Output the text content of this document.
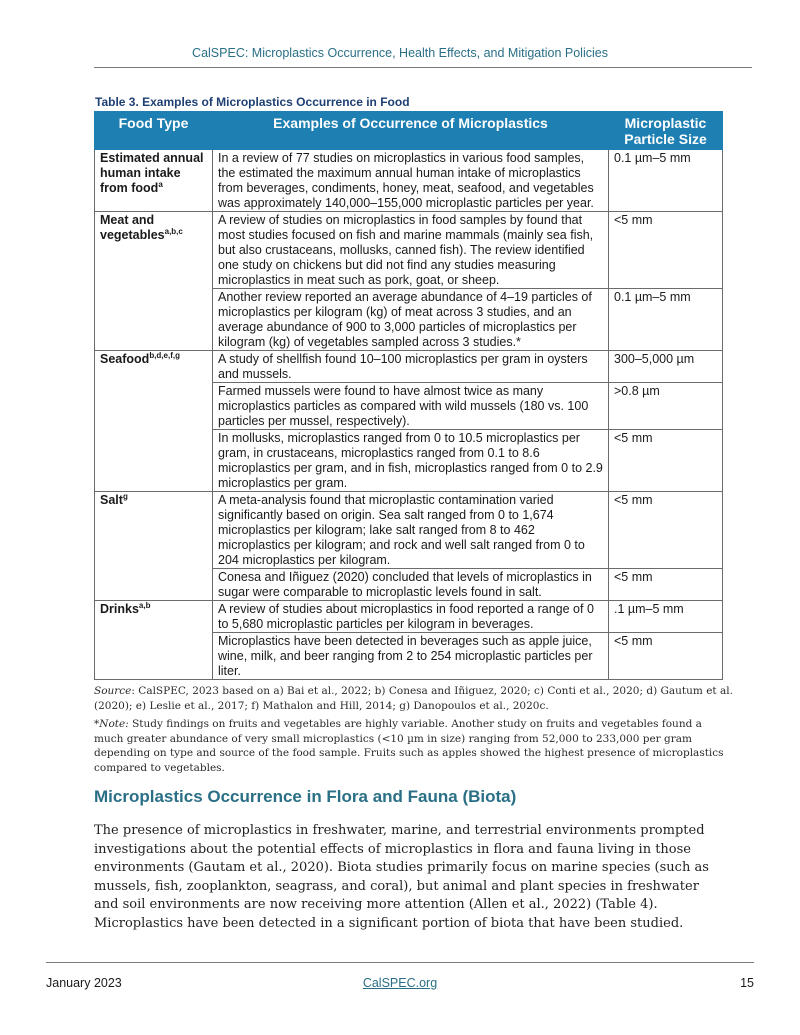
CalSPEC: Microplastics Occurrence, Health Effects, and Mitigation Policies
Table 3. Examples of Microplastics Occurrence in Food
Food Type	Examples of Occurrence of Microplastics	Microplastic Particle Size
Estimated annual human intake from food$^a$	In a review of 77 studies on microplastics in various food samples, the estimated the maximum annual human intake of microplastics from beverages, condiments, honey, meat, seafood, and vegetables was approximately 140,000–155,000 microplastic particles per year.	0.1 µm–5 mm
Meat and vegetables$^{a,b,c}$	A review of studies on microplastics in food samples by found that most studies focused on fish and marine mammals (mainly sea fish, but also crustaceans, mollusks, canned fish). The review identified one study on chickens but did not find any studies measuring microplastics in meat such as pork, goat, or sheep.	<5 mm
	Another review reported an average abundance of 4–19 particles of microplastics per kilogram (kg) of meat across 3 studies, and an average abundance of 900 to 3,000 particles of microplastics per kilogram (kg) of vegetables sampled across 3 studies.*	0.1 µm–5 mm
Seafood$^{b,d,e,f,g}$	A study of shellfish found 10–100 microplastics per gram in oysters and mussels.	300–5,000 µm
	Farmed mussels were found to have almost twice as many microplastics particles as compared with wild mussels (180 vs. 100 particles per mussel, respectively).	>0.8 µm
	In mollusks, microplastics ranged from 0 to 10.5 microplastics per gram, in crustaceans, microplastics ranged from 0.1 to 8.6 microplastics per gram, and in fish, microplastics ranged from 0 to 2.9 microplastics per gram.	<5 mm
Salt$^g$	A meta-analysis found that microplastic contamination varied significantly based on origin. Sea salt ranged from 0 to 1,674 microplastics per kilogram; lake salt ranged from 8 to 462 microplastics per kilogram; and rock and well salt ranged from 0 to 204 microplastics per kilogram.	<5 mm
	Conesa and Iñiguez (2020) concluded that levels of microplastics in sugar were comparable to microplastic levels found in salt.	<5 mm
Drinks$^{a,b}$	A review of studies about microplastics in food reported a range of 0 to 5,680 microplastic particles per kilogram in beverages.	.1 µm–5 mm
	Microplastics have been detected in beverages such as apple juice, wine, milk, and beer ranging from 2 to 254 microplastic particles per liter.	<5 mm

Source: CalSPEC, 2023 based on a) Bai et al., 2022; b) Conesa and Iñiguez, 2020; c) Conti et al., 2020; d) Gautum et al. (2020); e) Leslie et al., 2017; f) Mathalon and Hill, 2014; g) Danopoulos et al., 2020c.

*Note: Study findings on fruits and vegetables are highly variable. Another study on fruits and vegetables found a much greater abundance of very small microplastics (<10 µm in size) ranging from 52,000 to 233,000 per gram depending on type and source of the food sample. Fruits such as apples showed the highest presence of microplastics compared to vegetables.

Microplastics Occurrence in Flora and Fauna (Biota)

The presence of microplastics in freshwater, marine, and terrestrial environments prompted investigations about the potential effects of microplastics in flora and fauna living in those environments (Gautam et al., 2020). Biota studies primarily focus on marine species (such as mussels, fish, zooplankton, seagrass, and coral), but animal and plant species in freshwater and soil environments are now receiving more attention (Allen et al., 2022) (Table 4). Microplastics have been detected in a significant portion of biota that have been studied.

January 2023	CalSPEC.org	15
